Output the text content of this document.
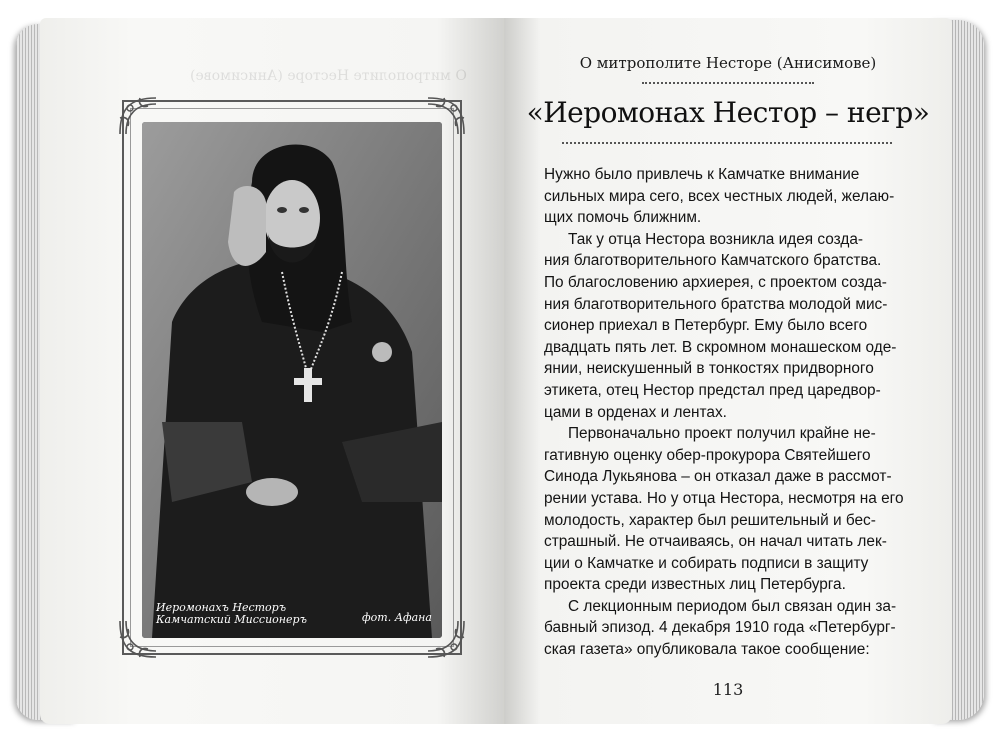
О митрополите Несторе (Анисимове)
Иеромонахъ Несторъ
Камчатский Миссионеръ	фот. Афана
О митрополите Несторе (Анисимове)
«Иеромонах Нестор – негр»

Нужно было привлечь к Камчатке внимание
сильных мира сего, всех честных людей, желаю-
щих помочь ближним.

Так у отца Нестора возникла идея созда-
ния благотворительного Камчатского братства.
По благословению архиерея, с проектом созда-
ния благотворительного братства молодой мис-
сионер приехал в Петербург. Ему было всего
двадцать пять лет. В скромном монашеском оде-
янии, неискушенный в тонкостях придворного
этикета, отец Нестор предстал пред царедвор-
цами в орденах и лентах.

Первоначально проект получил крайне не-
гативную оценку обер-прокурора Святейшего
Синода Лукьянова – он отказал даже в рассмот-
рении устава. Но у отца Нестора, несмотря на его
молодость, характер был решительный и бес-
страшный. Не отчаиваясь, он начал читать лек-
ции о Камчатке и собирать подписи в защиту
проекта среди известных лиц Петербурга.

С лекционным периодом был связан один за-
бавный эпизод. 4 декабря 1910 года «Петербург-
ская газета» опубликовала такое сообщение:

113
